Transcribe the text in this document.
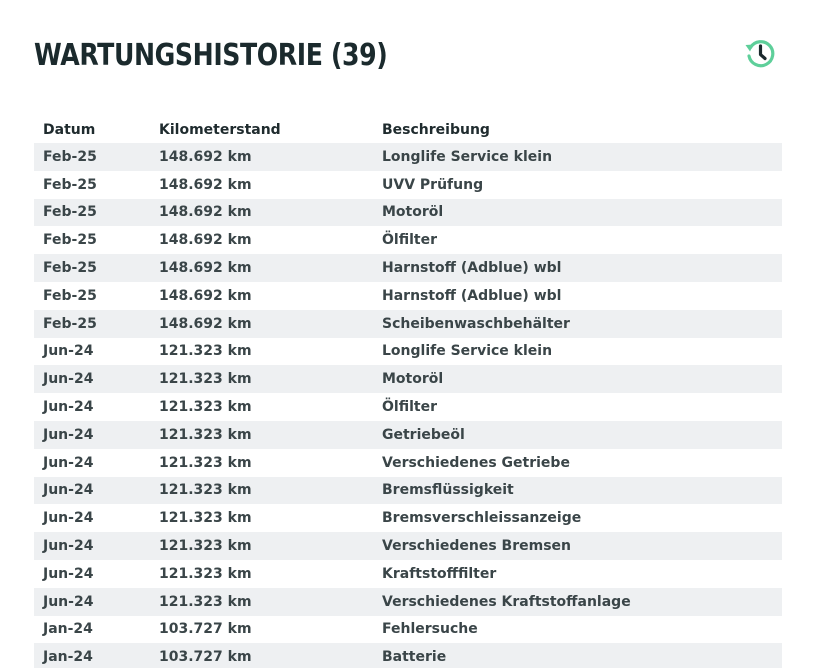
WARTUNGSHISTORIE (39)
Datum	Kilometerstand	Beschreibung
Feb-25	148.692 km	Longlife Service klein
Feb-25	148.692 km	UVV Prüfung
Feb-25	148.692 km	Motoröl
Feb-25	148.692 km	Ölfilter
Feb-25	148.692 km	Harnstoff (Adblue) wbl
Feb-25	148.692 km	Harnstoff (Adblue) wbl
Feb-25	148.692 km	Scheibenwaschbehälter
Jun-24	121.323 km	Longlife Service klein
Jun-24	121.323 km	Motoröl
Jun-24	121.323 km	Ölfilter
Jun-24	121.323 km	Getriebeöl
Jun-24	121.323 km	Verschiedenes Getriebe
Jun-24	121.323 km	Bremsflüssigkeit
Jun-24	121.323 km	Bremsverschleissanzeige
Jun-24	121.323 km	Verschiedenes Bremsen
Jun-24	121.323 km	Kraftstofffilter
Jun-24	121.323 km	Verschiedenes Kraftstoffanlage
Jan-24	103.727 km	Fehlersuche
Jan-24	103.727 km	Batterie
